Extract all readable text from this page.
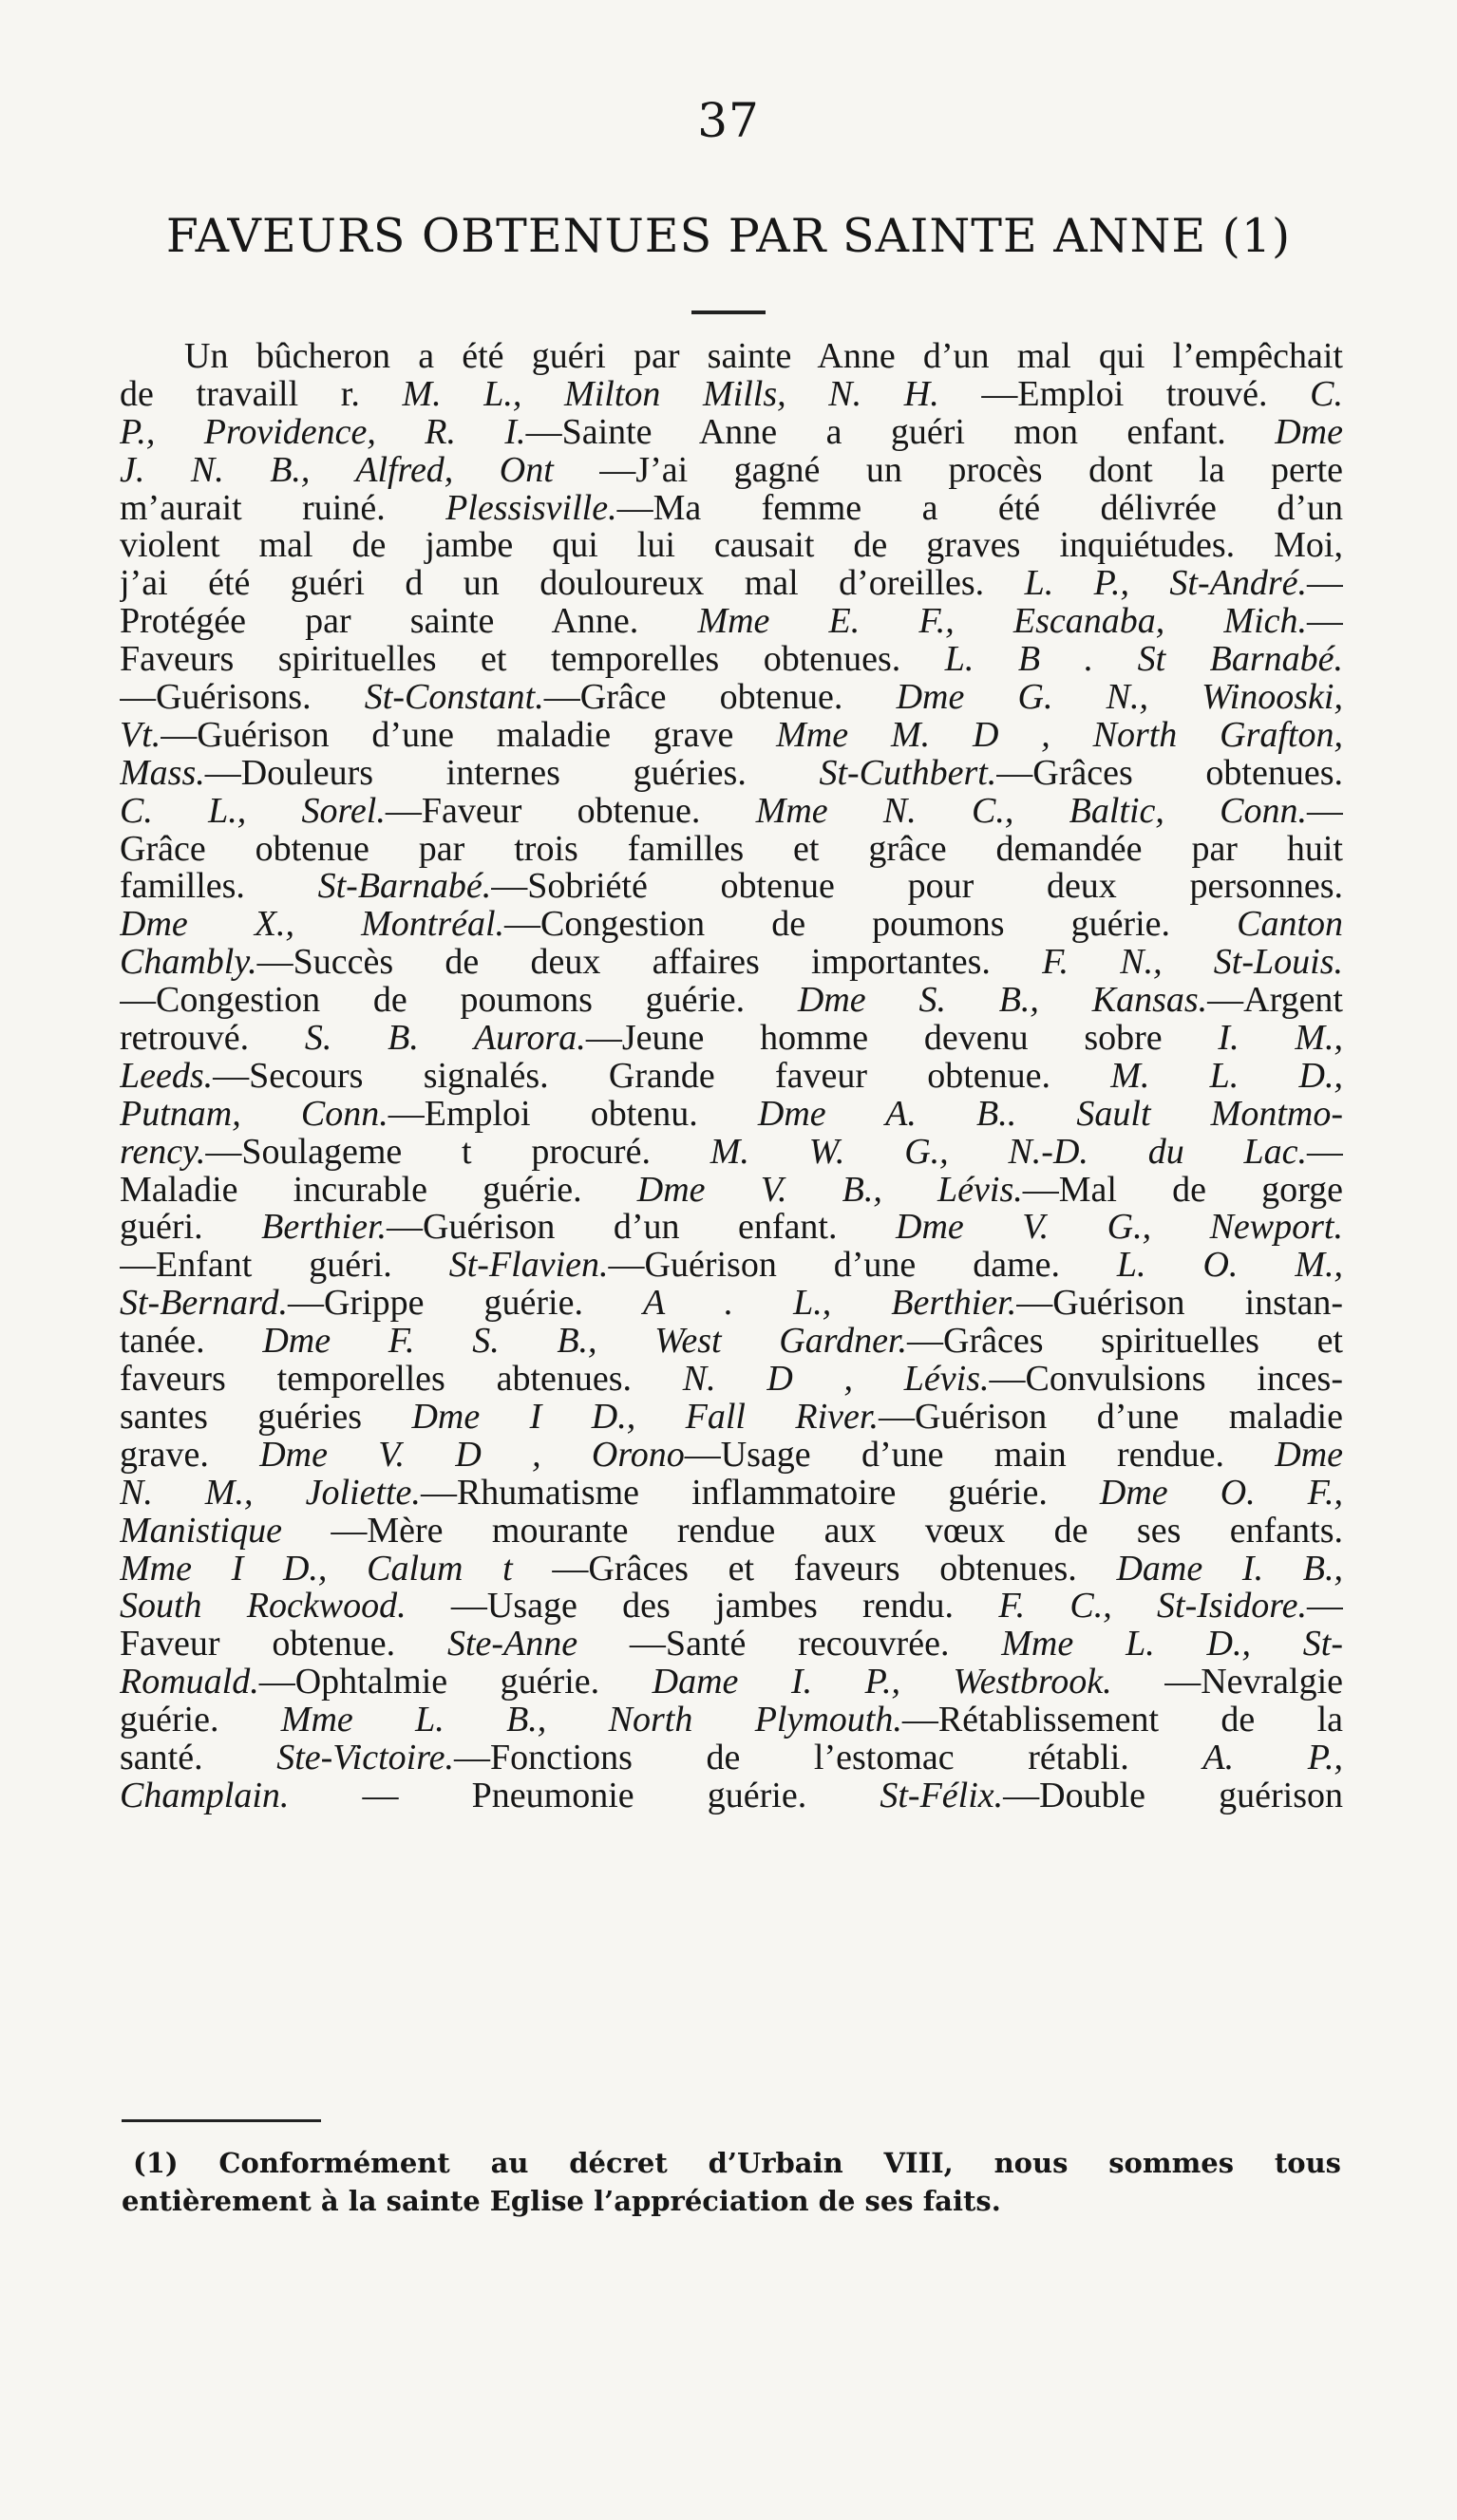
37
FAVEURS OBTENUES PAR SAINTE ANNE (1)
Un bûcheron a été guéri par sainte Anne d’un mal qui l’empêchait
de travaill r. M. L., Milton Mills, N. H. —Emploi trouvé. C.
P., Providence, R. I.—Sainte Anne a guéri mon enfant. Dme
J. N. B., Alfred, Ont —J’ai gagné un procès dont la perte
m’aurait ruiné. Plessisville.—Ma femme a été délivrée d’un
violent mal de jambe qui lui causait de graves inquiétudes. Moi,
j’ai été guéri d un douloureux mal d’oreilles. L. P., St-André.—
Protégée par sainte Anne. Mme E. F., Escanaba, Mich.—
Faveurs spirituelles et temporelles obtenues. L. B . St Barnabé.
—Guérisons. St-Constant.—Grâce obtenue. Dme G. N., Winooski,
Vt.—Guérison d’une maladie grave Mme M. D , North Grafton,
Mass.—Douleurs internes guéries. St-Cuthbert.—Grâces obtenues.
C. L., Sorel.—Faveur obtenue. Mme N. C., Baltic, Conn.—
Grâce obtenue par trois familles et grâce demandée par huit
familles. St-Barnabé.—Sobriété obtenue pour deux personnes.
Dme X., Montréal.—Congestion de poumons guérie. Canton
Chambly.—Succès de deux affaires importantes. F. N., St-Louis.
—Congestion de poumons guérie. Dme S. B., Kansas.—Argent
retrouvé. S. B. Aurora.—Jeune homme devenu sobre I. M.,
Leeds.—Secours signalés. Grande faveur obtenue. M. L. D.,
Putnam, Conn.—Emploi obtenu. Dme A. B.. Sault Montmo-
rency.—Soulageme t procuré. M. W. G., N.-D. du Lac.—
Maladie incurable guérie. Dme V. B., Lévis.—Mal de gorge
guéri. Berthier.—Guérison d’un enfant. Dme V. G., Newport.
—Enfant guéri. St-Flavien.—Guérison d’une dame. L. O. M.,
St-Bernard.—Grippe guérie. A . L., Berthier.—Guérison instan-
tanée. Dme F. S. B., West Gardner.—Grâces spirituelles et
faveurs temporelles abtenues. N. D , Lévis.—Convulsions inces-
santes guéries Dme I D., Fall River.—Guérison d’une maladie
grave. Dme V. D , Orono—Usage d’une main rendue. Dme
N. M., Joliette.—Rhumatisme inflammatoire guérie. Dme O. F.,
Manistique —Mère mourante rendue aux vœux de ses enfants.
Mme I D., Calum t —Grâces et faveurs obtenues. Dame I. B.,
South Rockwood. —Usage des jambes rendu. F. C., St-Isidore.—
Faveur obtenue. Ste-Anne —Santé recouvrée. Mme L. D., St-
Romuald.—Ophtalmie guérie. Dame I. P., Westbrook. —Nevralgie
guérie. Mme L. B., North Plymouth.—Rétablissement de la
santé. Ste-Victoire.—Fonctions de l’estomac rétabli. A. P.,
Champlain. — Pneumonie guérie. St-Félix.—Double guérison
(1) Conformément au décret d’Urbain VIII, nous sommes tous
entièrement à la sainte Eglise l’appréciation de ses faits.
